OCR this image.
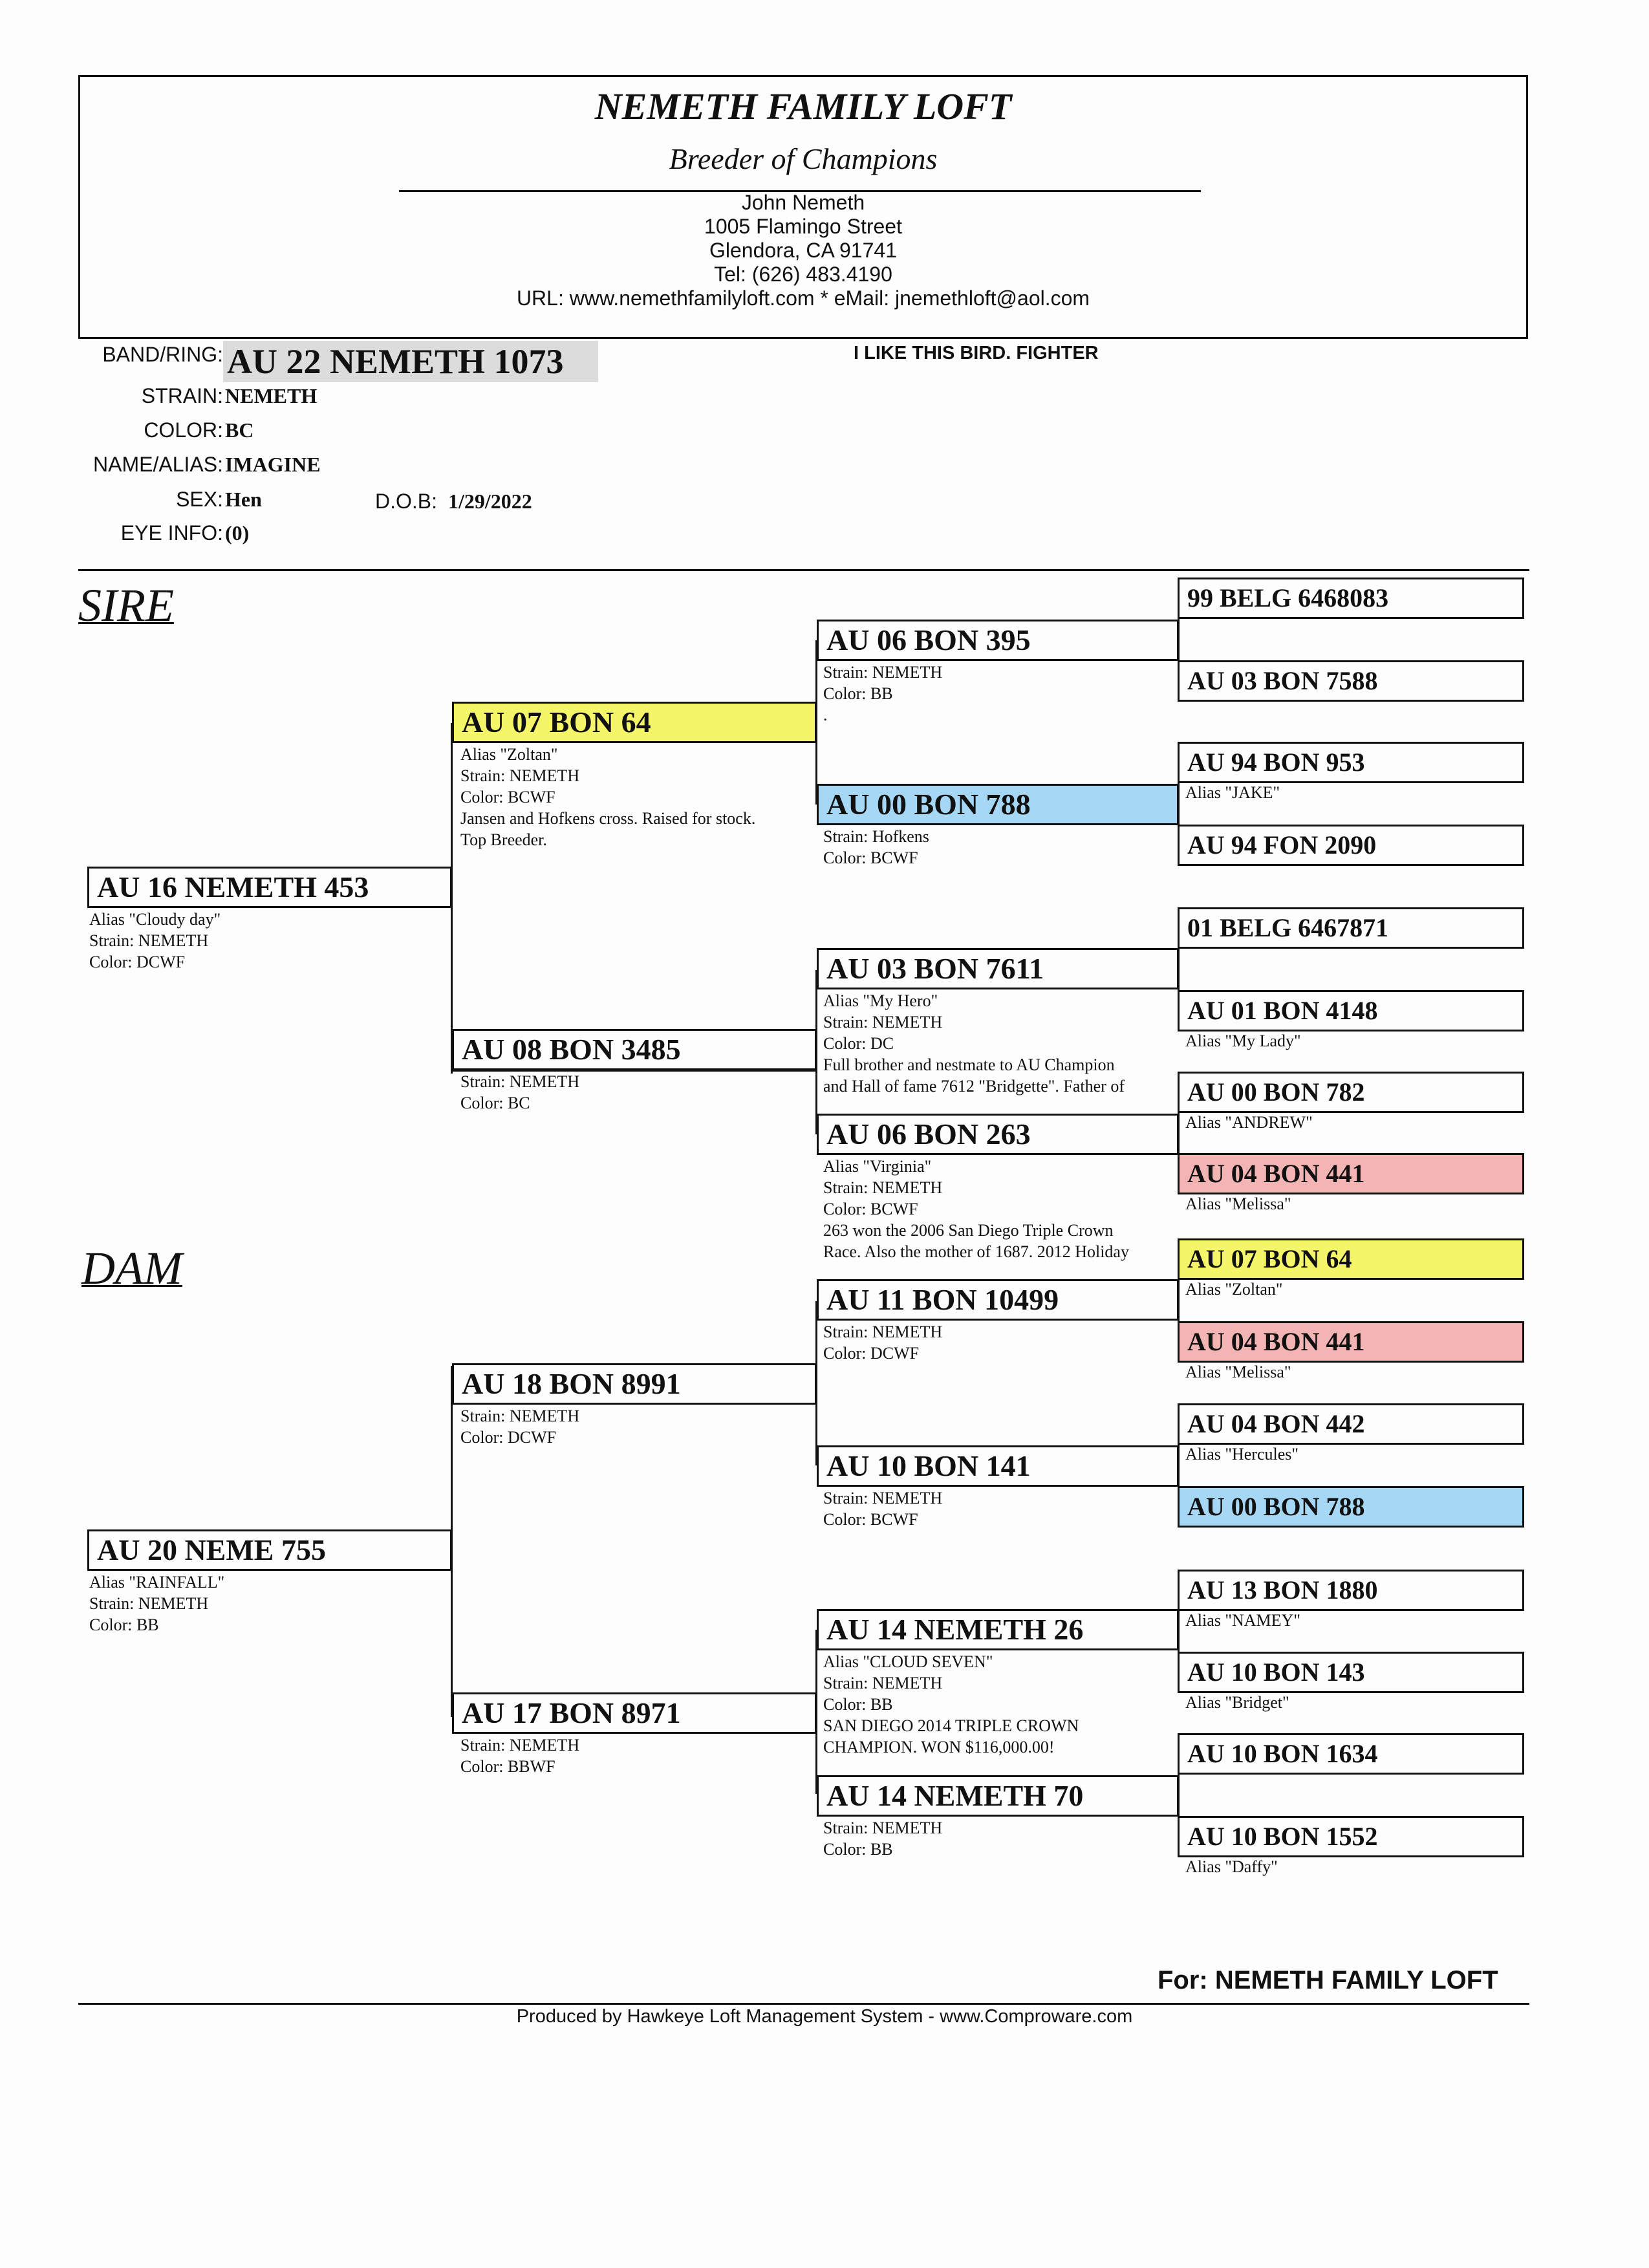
NEMETH FAMILY LOFT
Breeder of Champions
John Nemeth
1005 Flamingo Street
Glendora, CA 91741
Tel: (626) 483.4190
URL: www.nemethfamilyloft.com * eMail: jnemethloft@aol.com
BAND/RING: AU 22 NEMETH 1073	I LIKE THIS BIRD. FIGHTER
STRAIN: NEMETH
COLOR: BC
NAME/ALIAS: IMAGINE
SEX: Hen	D.O.B: 1/29/2022
EYE INFO: (0)
SIRE
DAM
AU 16 NEMETH 453
Alias "Cloudy day"
Strain: NEMETH
Color: DCWF
AU 20 NEME 755
Alias "RAINFALL"
Strain: NEMETH
Color: BB
AU 07 BON 64
Alias "Zoltan"
Strain: NEMETH
Color: BCWF
Jansen and Hofkens cross. Raised for stock.
Top Breeder.
AU 08 BON 3485
Strain: NEMETH
Color: BC
AU 18 BON 8991
Strain: NEMETH
Color: DCWF
AU 17 BON 8971
Strain: NEMETH
Color: BBWF
AU 06 BON 395
Strain: NEMETH
Color: BB
.
AU 00 BON 788
Strain: Hofkens
Color: BCWF
AU 03 BON 7611
Alias "My Hero"
Strain: NEMETH
Color: DC
Full brother and nestmate to AU Champion
and Hall of fame 7612 "Bridgette". Father of
AU 06 BON 263
Alias "Virginia"
Strain: NEMETH
Color: BCWF
263 won the 2006 San Diego Triple Crown
Race. Also the mother of 1687. 2012 Holiday
AU 11 BON 10499
Strain: NEMETH
Color: DCWF
AU 10 BON 141
Strain: NEMETH
Color: BCWF
AU 14 NEMETH 26
Alias "CLOUD SEVEN"
Strain: NEMETH
Color: BB
SAN DIEGO 2014 TRIPLE CROWN
CHAMPION. WON $116,000.00!
AU 14 NEMETH 70
Strain: NEMETH
Color: BB
99 BELG 6468083
AU 03 BON 7588
AU 94 BON 953
Alias "JAKE"
AU 94 FON 2090
01 BELG 6467871
AU 01 BON 4148
Alias "My Lady"
AU 00 BON 782
Alias "ANDREW"
AU 04 BON 441
Alias "Melissa"
AU 07 BON 64
Alias "Zoltan"
AU 04 BON 441
Alias "Melissa"
AU 04 BON 442
Alias "Hercules"
AU 00 BON 788
AU 13 BON 1880
Alias "NAMEY"
AU 10 BON 143
Alias "Bridget"
AU 10 BON 1634
AU 10 BON 1552
Alias "Daffy"
For: NEMETH FAMILY LOFT
Produced by Hawkeye Loft Management System - www.Comproware.com
